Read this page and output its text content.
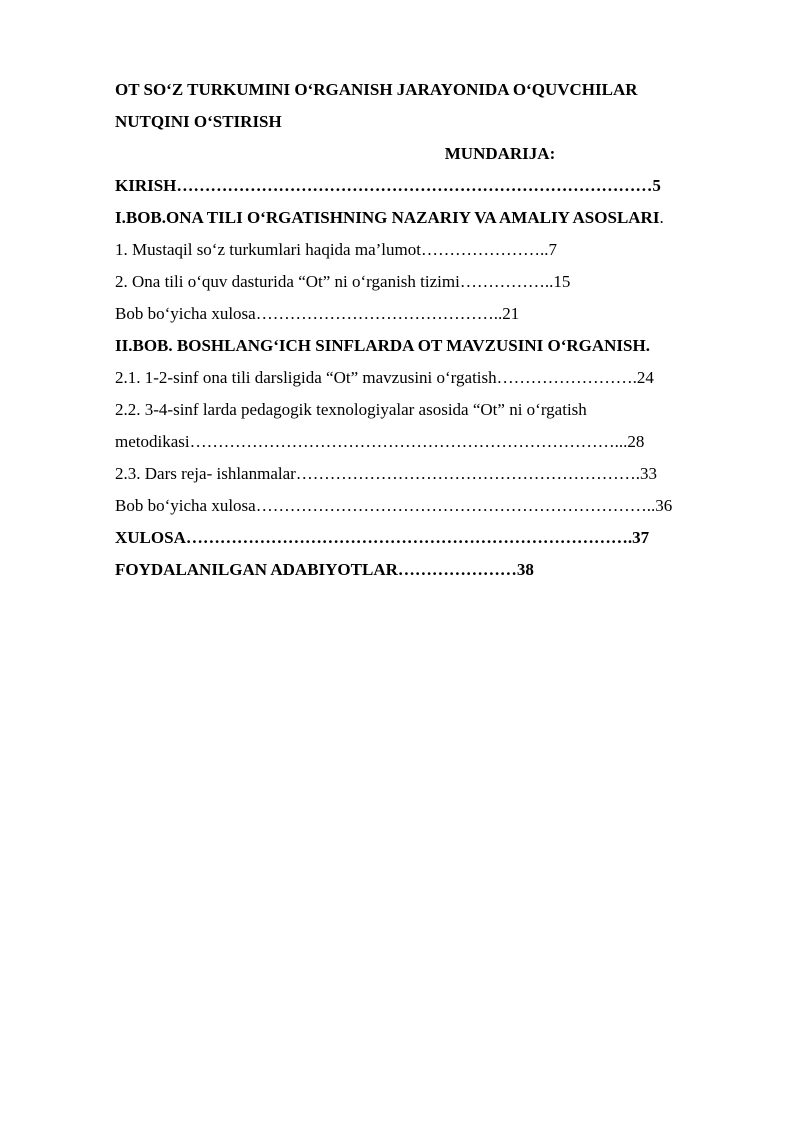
OT SO‘Z TURKUMINI O‘RGANISH JARAYONIDA O‘QUVCHILAR
NUTQINI O‘STIRISH
MUNDARIJA:
KIRISH…………………………………………………………………………5
I.BOB.ONA TILI O‘RGATISHNING NAZARIY VA AMALIY ASOSLARI.
1. Mustaqil so‘z turkumlari haqida ma’lumot…………………..7
2. Ona tili o‘quv dasturida “Ot” ni o‘rganish tizimi……………..15
Bob bo‘yicha xulosa……………………………………..21
II.BOB. BOSHLANG‘ICH SINFLARDA OT MAVZUSINI O‘RGANISH.
2.1. 1-2-sinf ona tili darsligida “Ot” mavzusini o‘rgatish…………………….24
2.2. 3-4-sinf larda pedagogik texnologiyalar asosida “Ot” ni o‘rgatish
metodikasi…………………………………………………………………...28
2.3. Dars reja- ishlanmalar…………………………………………………….33
Bob bo‘yicha xulosa……………………………………………………………..36
XULOSA…………………………………………………………………….37
FOYDALANILGAN ADABIYOTLAR…………………38
